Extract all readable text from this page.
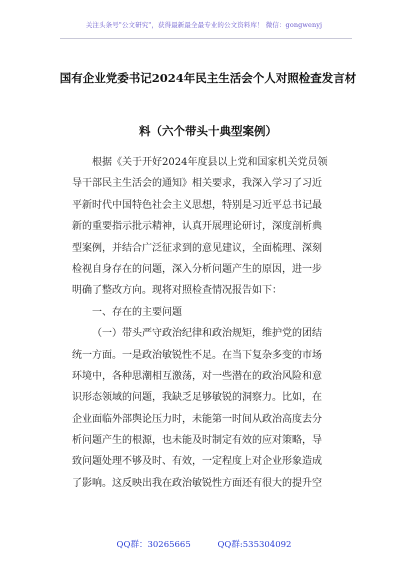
关注头条号"公文研究"，获得最新最全最专业的公文资料库！ 微信：gongwenyj
国有企业党委书记2024年民主生活会个人对照检查发言材
料（六个带头十典型案例）
根据《关于开好2024年度县以上党和国家机关党员领
导干部民主生活会的通知》相关要求，我深入学习了习近
平新时代中国特色社会主义思想，特别是习近平总书记最
新的重要指示批示精神，认真开展理论研讨，深度剖析典
型案例，并结合广泛征求到的意见建议，全面梳理、深刻
检视自身存在的问题，深入分析问题产生的原因，进一步
明确了整改方向。现将对照检查情况报告如下：
一、存在的主要问题
（一）带头严守政治纪律和政治规矩，维护党的团结
统一方面。一是政治敏锐性不足。在当下复杂多变的市场
环境中，各种思潮相互激荡，对一些潜在的政治风险和意
识形态领域的问题，我缺乏足够敏锐的洞察力。比如，在
企业面临外部舆论压力时，未能第一时间从政治高度去分
析问题产生的根源，也未能及时制定有效的应对策略，导
致问题处理不够及时、有效，一定程度上对企业形象造成
了影响。这反映出我在政治敏锐性方面还有很大的提升空
QQ群：30265665	QQ群:535304092
